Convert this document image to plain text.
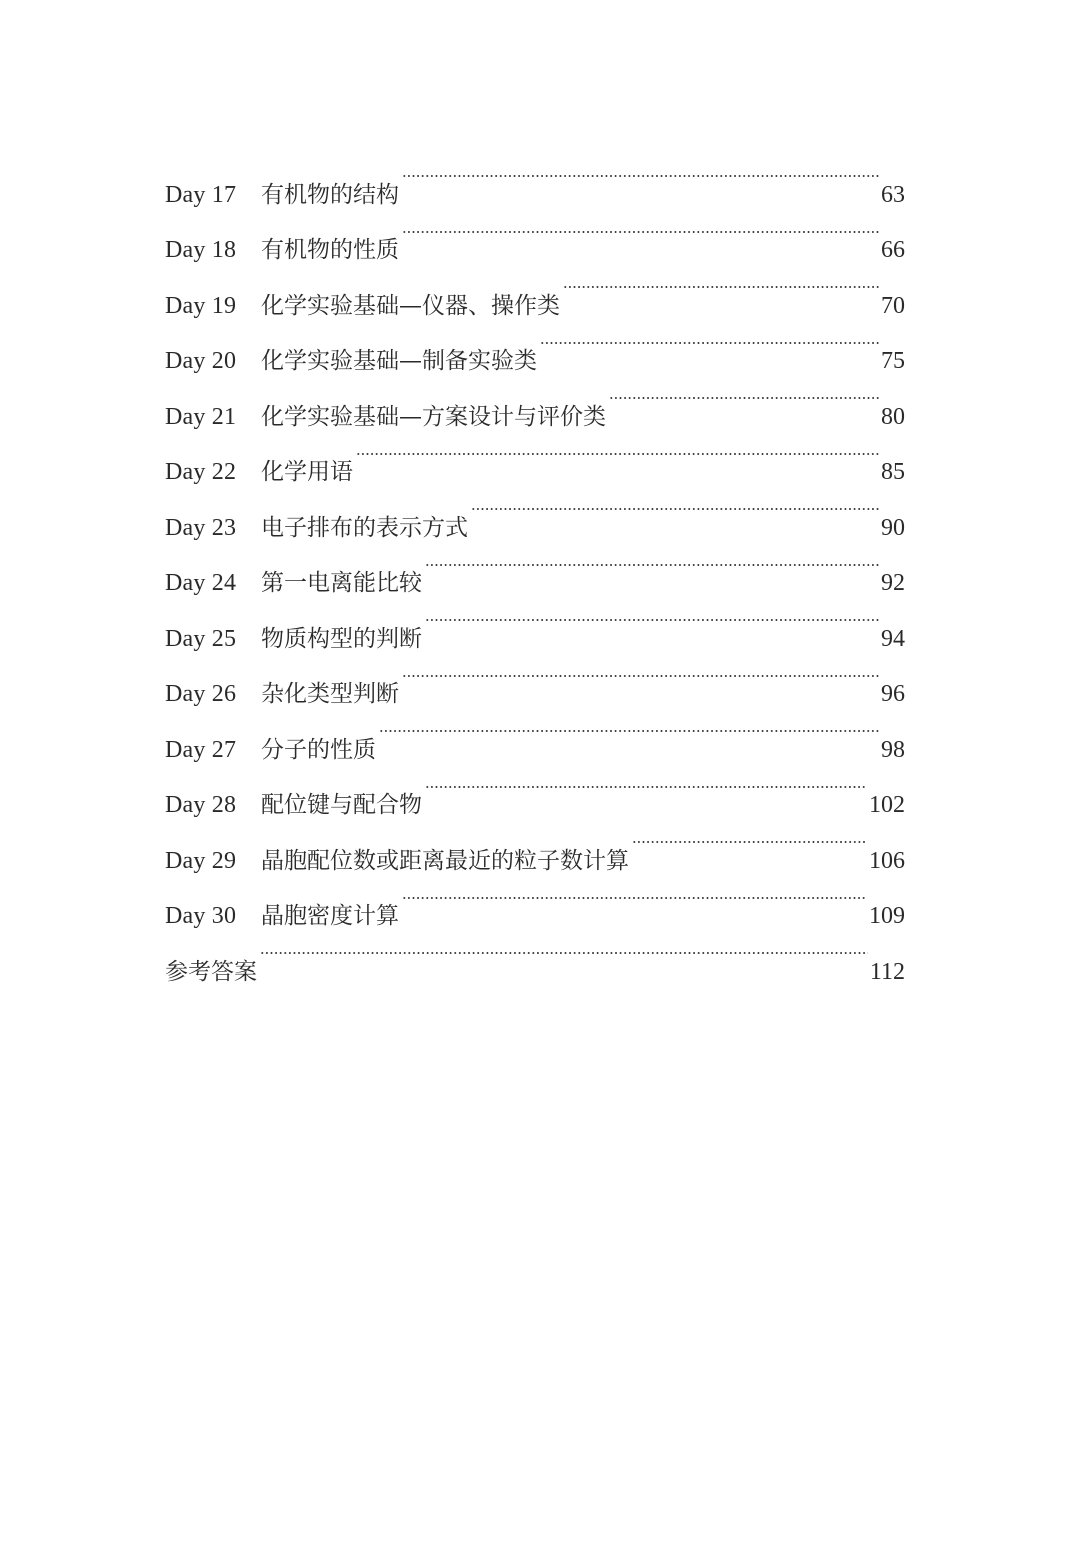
Day 17	有机物的结构	63
Day 18	有机物的性质	66
Day 19	化学实验基础—仪器、操作类	70
Day 20	化学实验基础—制备实验类	75
Day 21	化学实验基础—方案设计与评价类	80
Day 22	化学用语	85
Day 23	电子排布的表示方式	90
Day 24	第一电离能比较	92
Day 25	物质构型的判断	94
Day 26	杂化类型判断	96
Day 27	分子的性质	98
Day 28	配位键与配合物	102
Day 29	晶胞配位数或距离最近的粒子数计算	106
Day 30	晶胞密度计算	109
参考答案	112
